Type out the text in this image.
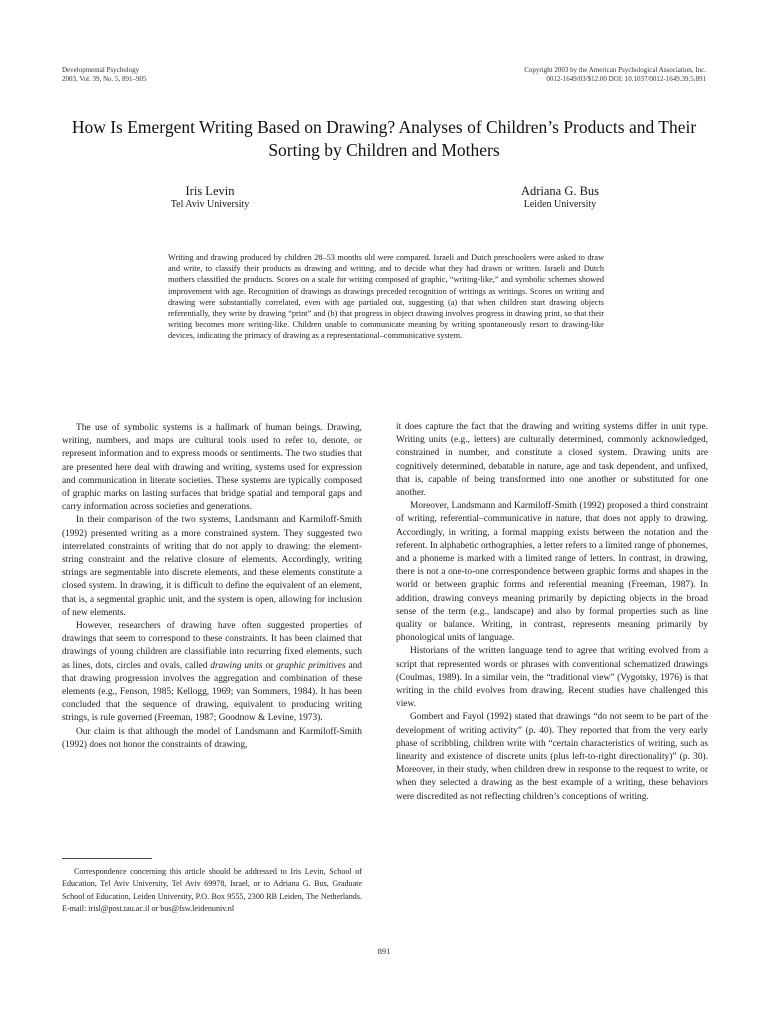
Developmental Psychology
2003, Vol. 39, No. 5, 891–905
Copyright 2003 by the American Psychological Association, Inc.
0012-1649/03/$12.00 DOI: 10.1037/0012-1649.39.5.891
How Is Emergent Writing Based on Drawing? Analyses of Children’s Products and Their Sorting by Children and Mothers
Iris Levin
Tel Aviv University
Adriana G. Bus
Leiden University
Writing and drawing produced by children 28–53 months old were compared. Israeli and Dutch preschoolers were asked to draw and write, to classify their products as drawing and writing, and to decide what they had drawn or written. Israeli and Dutch mothers classified the products. Scores on a scale for writing composed of graphic, “writing-like,” and symbolic schemes showed improvement with age. Recognition of drawings as drawings preceded recognition of writings as writings. Scores on writing and drawing were substantially correlated, even with age partialed out, suggesting (a) that when children start drawing objects referentially, they write by drawing “print” and (b) that progress in object drawing involves progress in drawing print, so that their writing becomes more writing-like. Children unable to communicate meaning by writing spontaneously resort to drawing-like devices, indicating the primacy of drawing as a representational–communicative system.

The use of symbolic systems is a hallmark of human beings. Drawing, writing, numbers, and maps are cultural tools used to refer to, denote, or represent information and to express moods or sentiments. The two studies that are presented here deal with drawing and writing, systems used for expression and communication in literate societies. These systems are typically composed of graphic marks on lasting surfaces that bridge spatial and temporal gaps and carry information across societies and generations.

In their comparison of the two systems, Landsmann and Karmiloff-Smith (1992) presented writing as a more constrained system. They suggested two interrelated constraints of writing that do not apply to drawing: the element-string constraint and the relative closure of elements. Accordingly, writing strings are segmentable into discrete elements, and these elements constitute a closed system. In drawing, it is difficult to define the equivalent of an element, that is, a segmental graphic unit, and the system is open, allowing for inclusion of new elements.

However, researchers of drawing have often suggested properties of drawings that seem to correspond to these constraints. It has been claimed that drawings of young children are classifiable into recurring fixed elements, such as lines, dots, circles and ovals, called drawing units or graphic primitives and that drawing progression involves the aggregation and combination of these elements (e.g., Fenson, 1985; Kellogg, 1969; van Sommers, 1984). It has been concluded that the sequence of drawing, equivalent to producing writing strings, is rule governed (Freeman, 1987; Goodnow & Levine, 1973).

Our claim is that although the model of Landsmann and Karmiloff-Smith (1992) does not honor the constraints of drawing,

it does capture the fact that the drawing and writing systems differ in unit type. Writing units (e.g., letters) are culturally determined, commonly acknowledged, constrained in number, and constitute a closed system. Drawing units are cognitively determined, debatable in nature, age and task dependent, and unfixed, that is, capable of being transformed into one another or substituted for one another.

Moreover, Landsmann and Karmiloff-Smith (1992) proposed a third constraint of writing, referential–communicative in nature, that does not apply to drawing. Accordingly, in writing, a formal mapping exists between the notation and the referent. In alphabetic orthographies, a letter refers to a limited range of phonemes, and a phoneme is marked with a limited range of letters. In contrast, in drawing, there is not a one-to-one correspondence between graphic forms and shapes in the world or between graphic forms and referential meaning (Freeman, 1987). In addition, drawing conveys meaning primarily by depicting objects in the broad sense of the term (e.g., landscape) and also by formal properties such as line quality or balance. Writing, in contrast, represents meaning primarily by phonological units of language.

Historians of the written language tend to agree that writing evolved from a script that represented words or phrases with conventional schematized drawings (Coulmas, 1989). In a similar vein, the “traditional view” (Vygotsky, 1976) is that writing in the child evolves from drawing. Recent studies have challenged this view.

Gombert and Fayol (1992) stated that drawings “do not seem to be part of the development of writing activity” (p. 40). They reported that from the very early phase of scribbling, children write with “certain characteristics of writing, such as linearity and existence of discrete units (plus left-to-right directionality)” (p. 30). Moreover, in their study, when children drew in response to the request to write, or when they selected a drawing as the best example of a writing, these behaviors were discredited as not reflecting children’s conceptions of writing.

Correspondence concerning this article should be addressed to Iris Levin, School of Education, Tel Aviv University, Tel Aviv 69978, Israel, or to Adriana G. Bus, Graduate School of Education, Leiden University, P.O. Box 9555, 2300 RB Leiden, The Netherlands. E-mail: irisl@post.tau.ac.il or bus@fsw.leidenuniv.nl

891
